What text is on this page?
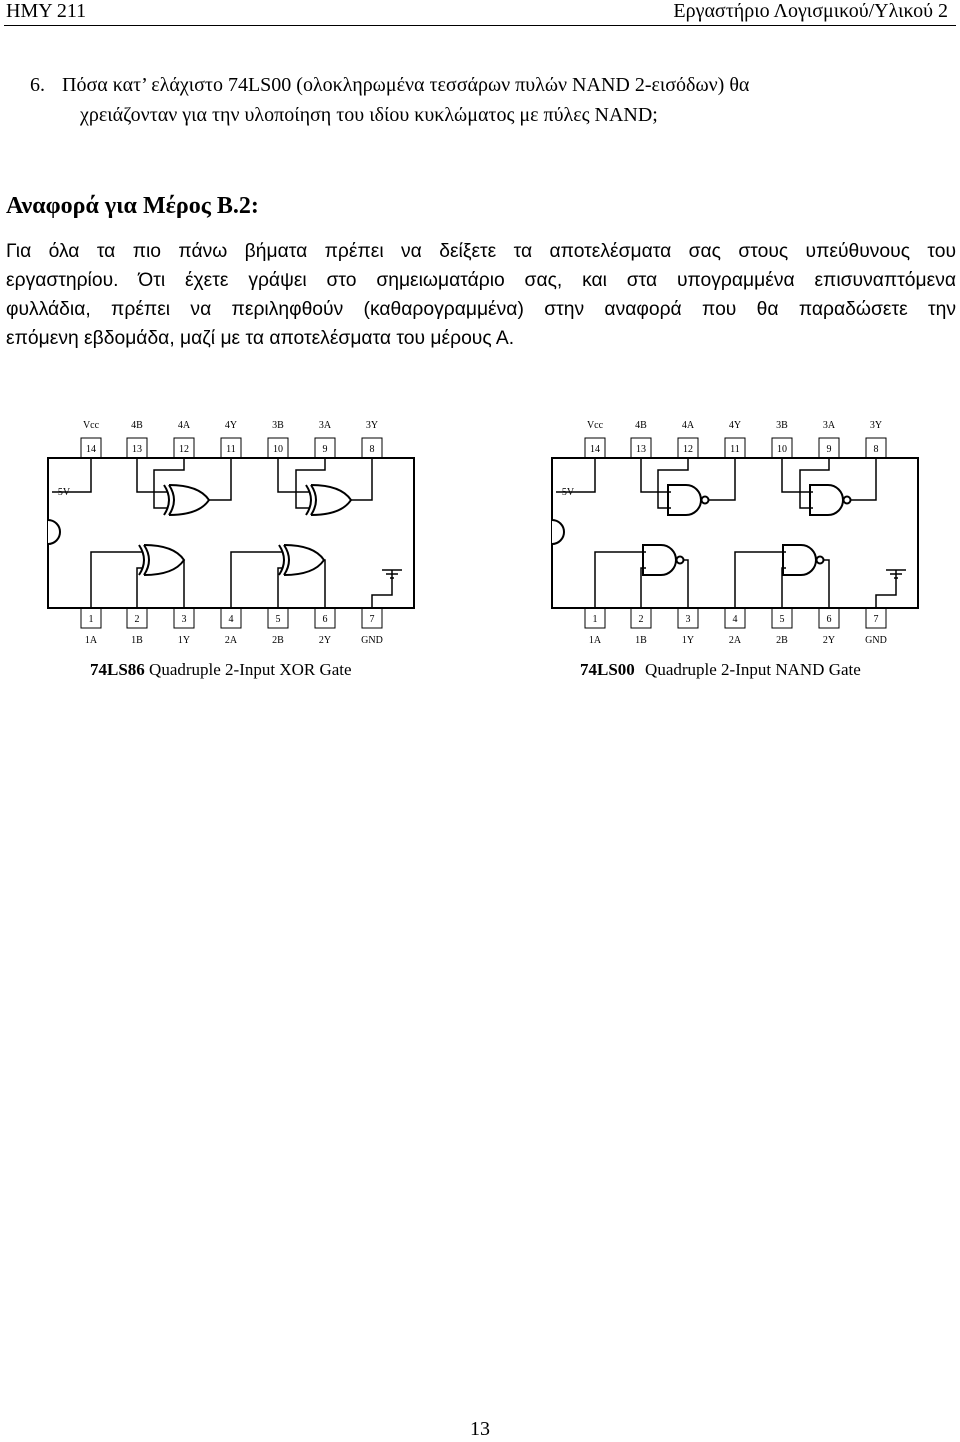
ΗΜΥ 211	Εργαστήριο Λογισμικού/Υλικού 2
6. Πόσα κατ’ ελάχιστο 74LS00 (ολοκληρωμένα τεσσάρων πυλών NAND 2-εισόδων) θα
χρειάζονταν για την υλοποίηση του ιδίου κυκλώματος με πύλες NAND;
Αναφορά για Μέρος Β.2:
Για όλα τα πιο πάνω βήματα πρέπει να δείξετε τα αποτελέσματα σας στους υπεύθυνους του
εργαστηρίου. Ότι έχετε γράψει στο σημειωματάριο σας, και στα υπογραμμένα επισυναπτόμενα
φυλλάδια, πρέπει να περιληφθούν (καθαρογραμμένα) στην αναφορά που θα παραδώσετε την
επόμενη εβδομάδα, μαζί με τα αποτελέσματα του μέρους Α.
Vcc	4B	4A	4Y	3B	3A	3Y
14	13	12	11	10	9	8
1	2	3	4	5	6	7
1A	1B	1Y	2A	2B	2Y	GND
5V
Vcc	4B	4A	4Y	3B	3A	3Y
14	13	12	11	10	9	8
1	2	3	4	5	6	7
1A	1B	1Y	2A	2B	2Y	GND
5V
74LS86 Quadruple 2-Input XOR Gate	74LS00 Quadruple 2-Input NAND Gate
13
